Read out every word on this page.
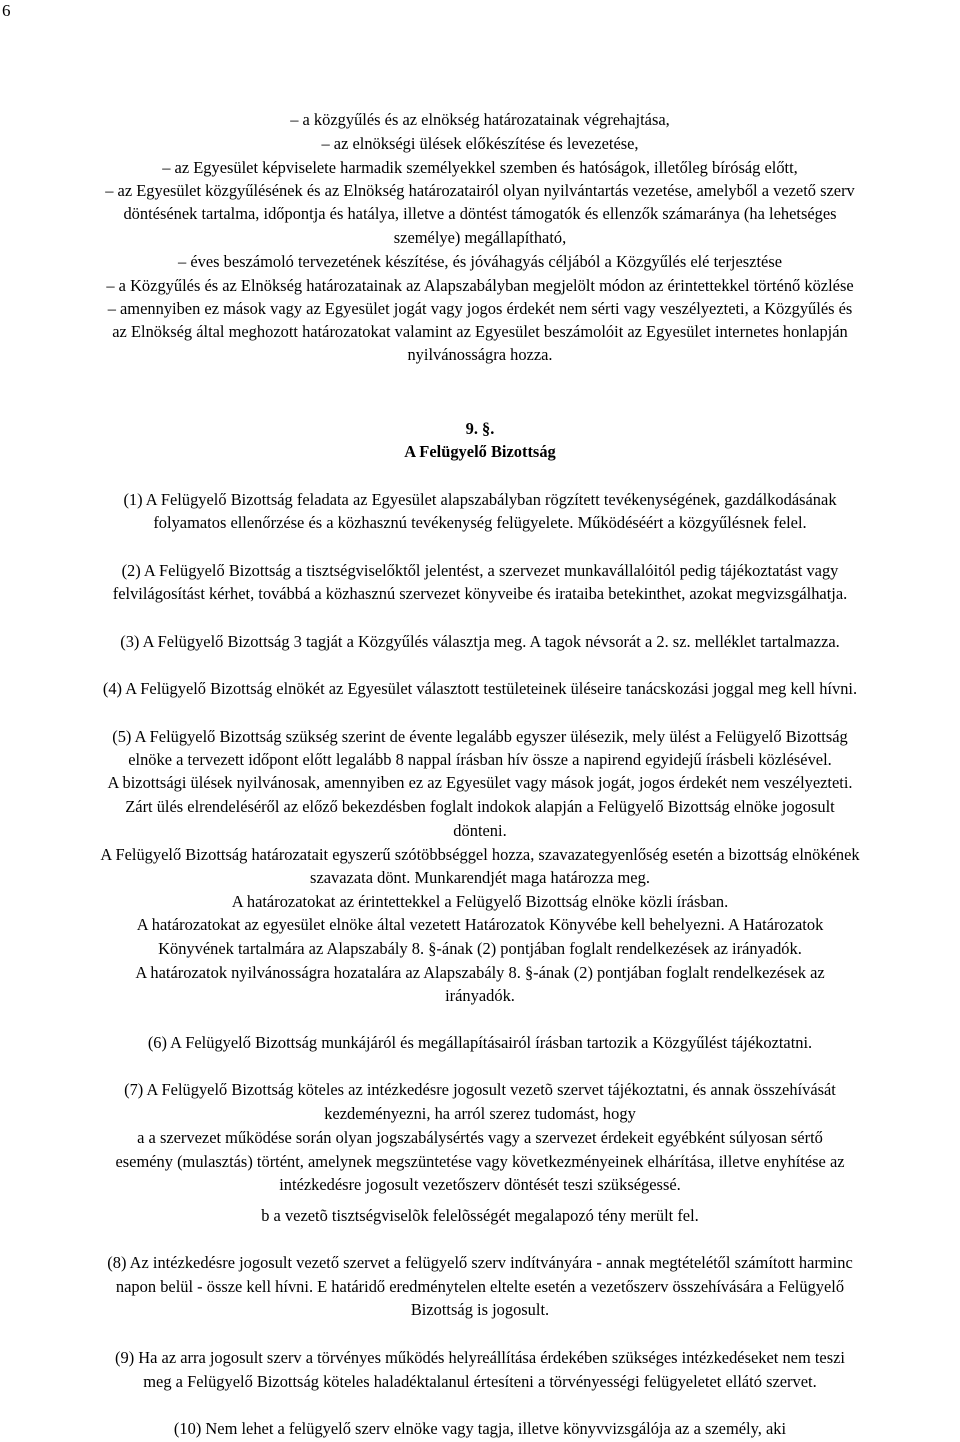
6
– a közgyűlés és az elnökség határozatainak végrehajtása,
– az elnökségi ülések előkészítése és levezetése,
– az Egyesület képviselete harmadik személyekkel szemben és hatóságok, illetőleg bíróság előtt,
– az Egyesület közgyűlésének és az Elnökség határozatairól olyan nyilvántartás vezetése, amelyből a vezető szerv
döntésének tartalma, időpontja és hatálya, illetve a döntést támogatók és ellenzők számaránya (ha lehetséges
személye) megállapítható,
– éves beszámoló tervezetének készítése, és jóváhagyás céljából a Közgyűlés elé terjesztése
– a Közgyűlés és az Elnökség határozatainak az Alapszabályban megjelölt módon az érintettekkel történő közlése
– amennyiben ez mások vagy az Egyesület jogát vagy jogos érdekét nem sérti vagy veszélyezteti, a Közgyűlés és
az Elnökség által meghozott határozatokat valamint az Egyesület beszámolóit az Egyesület internetes honlapján
nyilvánosságra hozza.
9. §.
A Felügyelő Bizottság
(1) A Felügyelő Bizottság feladata az Egyesület alapszabályban rögzített tevékenységének, gazdálkodásának
folyamatos ellenőrzése és a közhasznú tevékenység felügyelete. Működéséért a közgyűlésnek felel.
(2) A Felügyelő Bizottság a tisztségviselőktől jelentést, a szervezet munkavállalóitól pedig tájékoztatást vagy
felvilágosítást kérhet, továbbá a közhasznú szervezet könyveibe és irataiba betekinthet, azokat megvizsgálhatja.
(3) A Felügyelő Bizottság 3 tagját a Közgyűlés választja meg. A tagok névsorát a 2. sz. melléklet tartalmazza.
(4) A Felügyelő Bizottság elnökét az Egyesület választott testületeinek üléseire tanácskozási joggal meg kell hívni.
(5) A Felügyelő Bizottság szükség szerint de évente legalább egyszer ülésezik, mely ülést a Felügyelő Bizottság
elnöke a tervezett időpont előtt legalább 8 nappal írásban hív össze a napirend egyidejű írásbeli közlésével.
A bizottsági ülések nyilvánosak, amennyiben ez az Egyesület vagy mások jogát, jogos érdekét nem veszélyezteti.
Zárt ülés elrendeléséről az előző bekezdésben foglalt indokok alapján a Felügyelő Bizottság elnöke jogosult
dönteni.
A Felügyelő Bizottság határozatait egyszerű szótöbbséggel hozza, szavazategyenlőség esetén a bizottság elnökének
szavazata dönt. Munkarendjét maga határozza meg.
A határozatokat az érintettekkel a Felügyelő Bizottság elnöke közli írásban.
A határozatokat az egyesület elnöke által vezetett Határozatok Könyvébe kell behelyezni. A Határozatok
Könyvének tartalmára az Alapszabály 8. §-ának (2) pontjában foglalt rendelkezések az irányadók.
A határozatok nyilvánosságra hozatalára az Alapszabály 8. §-ának (2) pontjában foglalt rendelkezések az
irányadók.
(6) A Felügyelő Bizottság munkájáról és megállapításairól írásban tartozik a Közgyűlést tájékoztatni.
(7) A Felügyelő Bizottság köteles az intézkedésre jogosult vezetõ szervet tájékoztatni, és annak összehívását
kezdeményezni, ha arról szerez tudomást, hogy
a a szervezet működése során olyan jogszabálysértés vagy a szervezet érdekeit egyébként súlyosan sértő
esemény (mulasztás) történt, amelynek megszüntetése vagy következményeinek elhárítása, illetve enyhítése az
intézkedésre jogosult vezetőszerv döntését teszi szükségessé.
b a vezetõ tisztségviselõk felelõsségét megalapozó tény merült fel.
(8) Az intézkedésre jogosult vezető szervet a felügyelő szerv indítványára - annak megtételétől számított harminc
napon belül - össze kell hívni. E határidő eredménytelen eltelte esetén a vezetőszerv összehívására a Felügyelő
Bizottság is jogosult.
(9) Ha az arra jogosult szerv a törvényes működés helyreállítása érdekében szükséges intézkedéseket nem teszi
meg a Felügyelő Bizottság köteles haladéktalanul értesíteni a törvényességi felügyeletet ellátó szervet.
(10) Nem lehet a felügyelő szerv elnöke vagy tagja, illetve könyvvizsgálója az a személy, aki
